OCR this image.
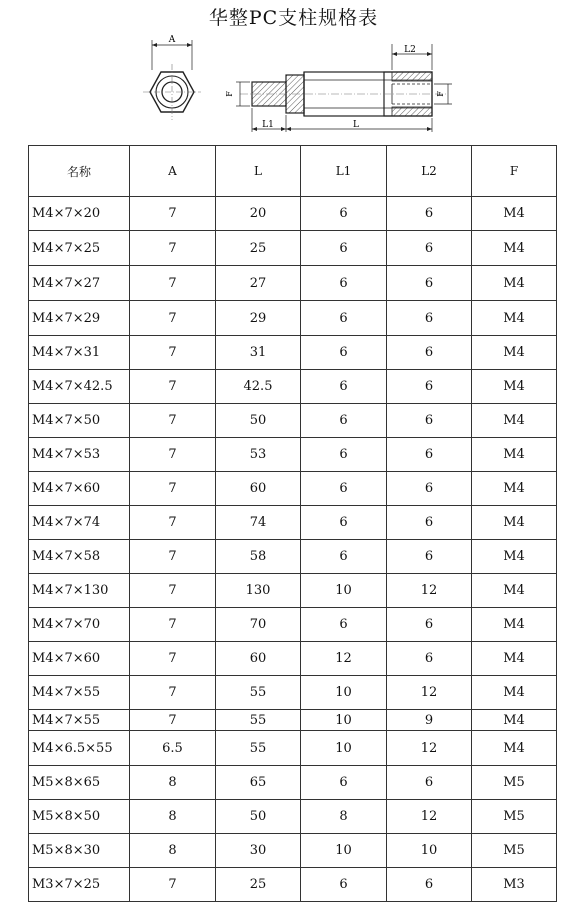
华整PC支柱规格表
A
L2
L1	L
F	F
名称	A	L	L1	L2	F
M4×7×20	7	20	6	6	M4
M4×7×25	7	25	6	6	M4
M4×7×27	7	27	6	6	M4
M4×7×29	7	29	6	6	M4
M4×7×31	7	31	6	6	M4
M4×7×42.5	7	42.5	6	6	M4
M4×7×50	7	50	6	6	M4
M4×7×53	7	53	6	6	M4
M4×7×60	7	60	6	6	M4
M4×7×74	7	74	6	6	M4
M4×7×58	7	58	6	6	M4
M4×7×130	7	130	10	12	M4
M4×7×70	7	70	6	6	M4
M4×7×60	7	60	12	6	M4
M4×7×55	7	55	10	12	M4
M4×7×55	7	55	10	9	M4
M4×6.5×55	6.5	55	10	12	M4
M5×8×65	8	65	6	6	M5
M5×8×50	8	50	8	12	M5
M5×8×30	8	30	10	10	M5
M3×7×25	7	25	6	6	M3
